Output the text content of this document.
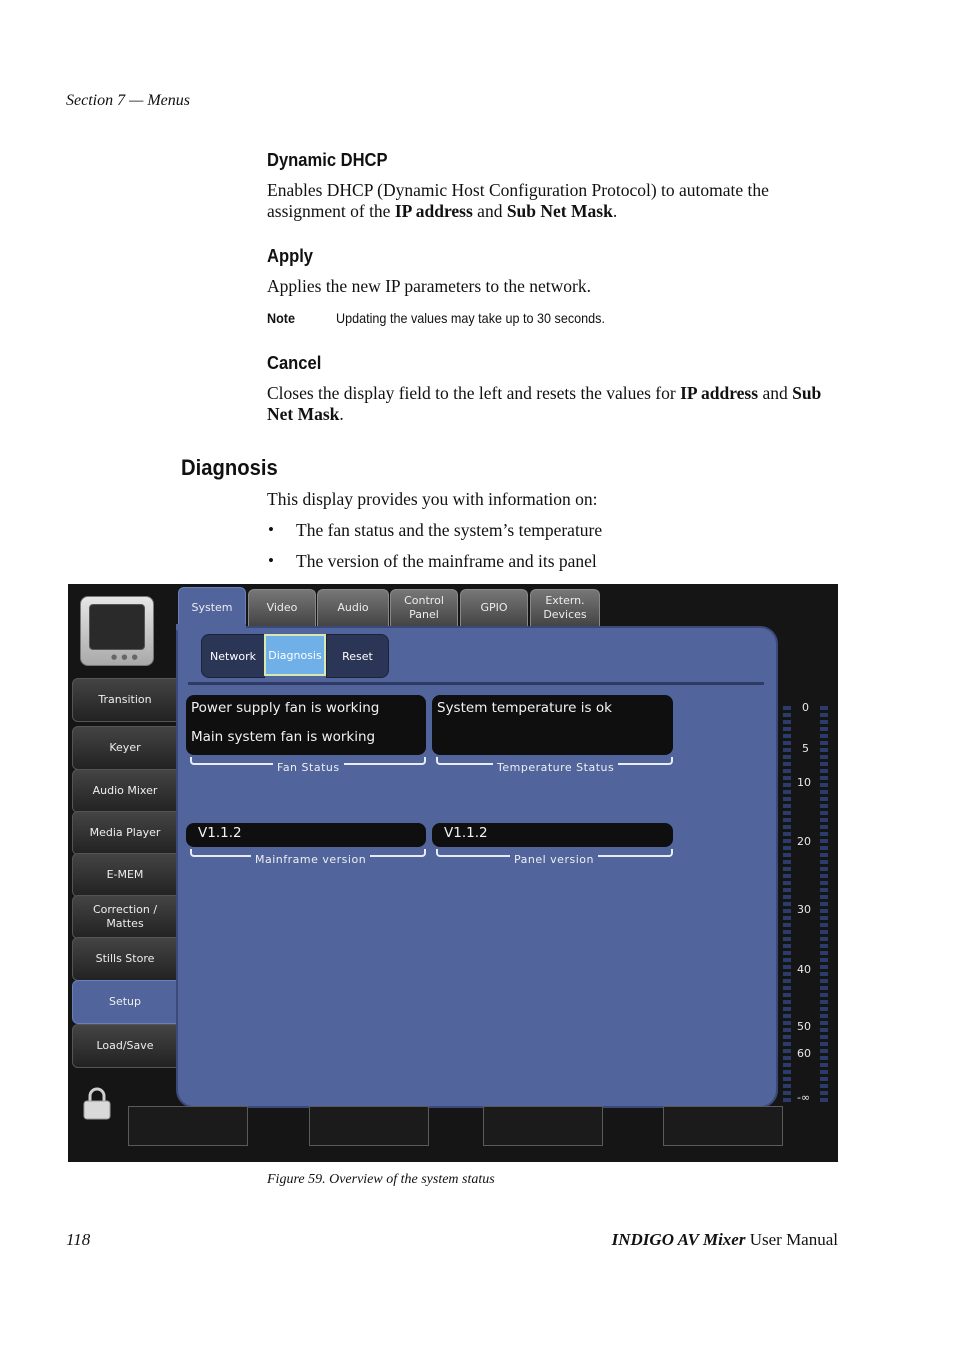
Section 7 — Menus
Dynamic DHCP
Enables DHCP (Dynamic Host Configuration Protocol) to automate the assignment of the IP address and Sub Net Mask.
Apply
Applies the new IP parameters to the network.
Note	Updating the values may take up to 30 seconds.
Cancel
Closes the display field to the left and resets the values for IP address and Sub Net Mask.
Diagnosis
This display provides you with information on:
• The fan status and the system’s temperature
• The version of the mainframe and its panel
● ● ●
Transition
Keyer
Audio Mixer
Media Player
E-MEM
Correction /
Mattes
Stills Store
Setup
Load/Save
System	Video	Audio
Control
Panel
GPIO
Extern.
Devices
Network	Diagnosis	Reset
Power supply fan is working
Main system fan is working
Fan Status
System temperature is ok
Temperature Status
V1.1.2
Mainframe version
V1.1.2
Panel version
0
5
10
20
30
40
50
60
-∞
Figure 59. Overview of the system status
118	INDIGO AV Mixer User Manual
